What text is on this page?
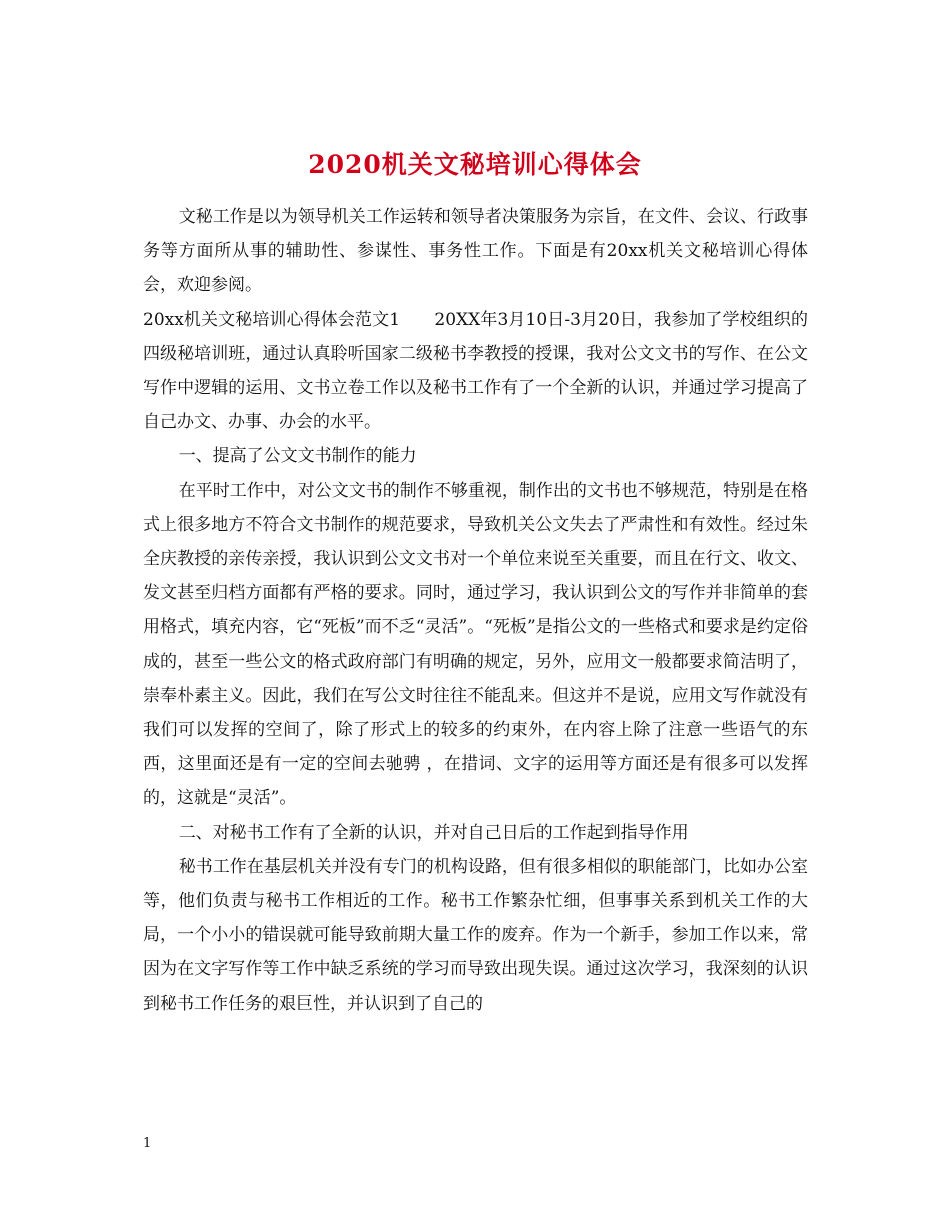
2020机关文秘培训心得体会

文秘工作是以为领导机关工作运转和领导者决策服务为宗旨，在文件、会议、行政事务等方面所从事的辅助性、参谋性、事务性工作。下面是有20xx机关文秘培训心得体会，欢迎参阅。

20xx机关文秘培训心得体会范文1　　20XX年3月10日-3月20日，我参加了学校组织的四级秘培训班，通过认真聆听国家二级秘书李教授的授课，我对公文文书的写作、在公文写作中逻辑的运用、文书立卷工作以及秘书工作有了一个全新的认识，并通过学习提高了自己办文、办事、办会的水平。

一、提高了公文文书制作的能力

在平时工作中，对公文文书的制作不够重视，制作出的文书也不够规范，特别是在格式上很多地方不符合文书制作的规范要求，导致机关公文失去了严肃性和有效性。经过朱全庆教授的亲传亲授，我认识到公文文书对一个单位来说至关重要，而且在行文、收文、发文甚至归档方面都有严格的要求。同时，通过学习，我认识到公文的写作并非简单的套用格式，填充内容，它“死板”而不乏“灵活”。“死板”是指公文的一些格式和要求是约定俗成的，甚至一些公文的格式政府部门有明确的规定，另外，应用文一般都要求简洁明了，崇奉朴素主义。因此，我们在写公文时往往不能乱来。但这并不是说，应用文写作就没有我们可以发挥的空间了，除了形式上的较多的约束外，在内容上除了注意一些语气的东西，这里面还是有一定的空间去驰骋 ，在措词、文字的运用等方面还是有很多可以发挥的，这就是“灵活”。

二、对秘书工作有了全新的认识，并对自己日后的工作起到指导作用

秘书工作在基层机关并没有专门的机构设路，但有很多相似的职能部门，比如办公室等，他们负责与秘书工作相近的工作。秘书工作繁杂忙细，但事事关系到机关工作的大局，一个小小的错误就可能导致前期大量工作的废弃。作为一个新手，参加工作以来，常因为在文字写作等工作中缺乏系统的学习而导致出现失误。通过这次学习，我深刻的认识到秘书工作任务的艰巨性，并认识到了自己的

1
